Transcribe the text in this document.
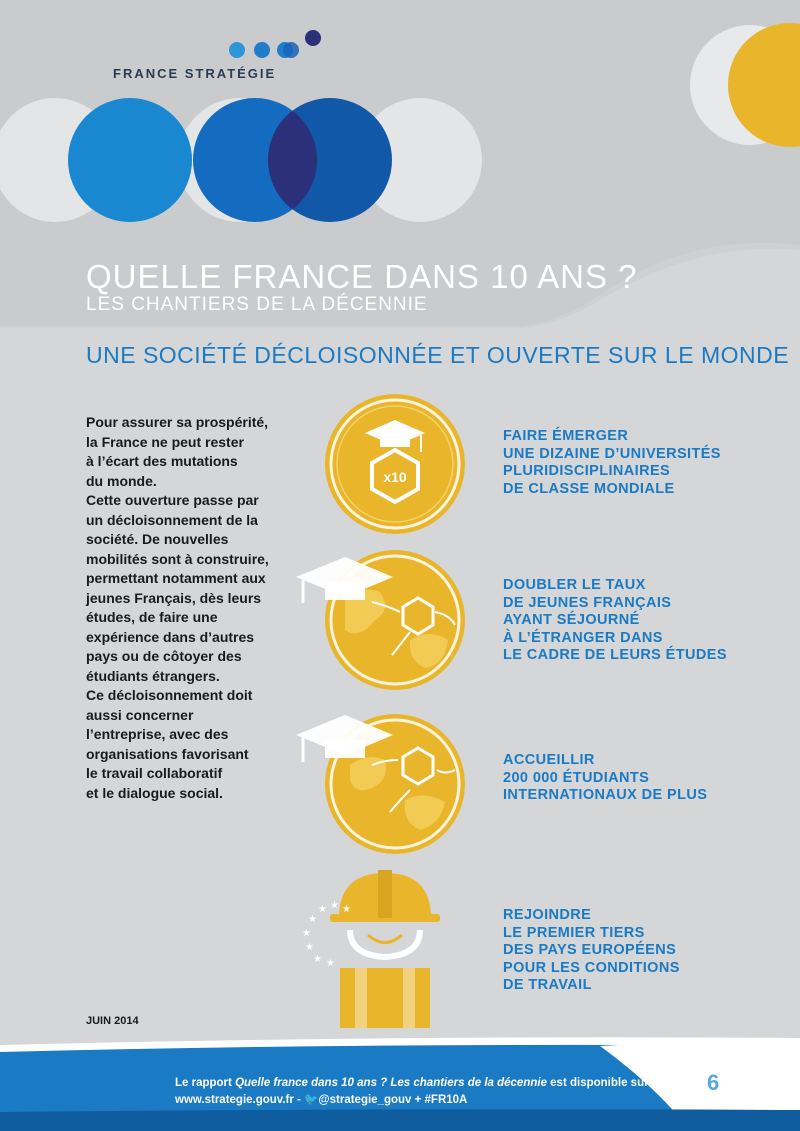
x10
★ ★ ★
★
★
★
★ ★
FRANCE STRATÉGIE
QUELLE FRANCE DANS 10 ANS ?
LES CHANTIERS DE LA DÉCENNIE
UNE SOCIÉTÉ DÉCLOISONNÉE ET OUVERTE SUR LE MONDE

Pour assurer sa prospérité,
la France ne peut rester
à l’écart des mutations
du monde.
Cette ouverture passe par
un décloisonnement de la
société. De nouvelles
mobilités sont à construire,
permettant notamment aux
jeunes Français, dès leurs
études, de faire une
expérience dans d’autres
pays ou de côtoyer des
étudiants étrangers.
Ce décloisonnement doit
aussi concerner
l’entreprise, avec des
organisations favorisant
le travail collaboratif
et le dialogue social.

FAIRE ÉMERGER
UNE DIZAINE D’UNIVERSITÉS
PLURIDISCIPLINAIRES
DE CLASSE MONDIALE

DOUBLER LE TAUX
DE JEUNES FRANÇAIS
AYANT SÉJOURNÉ
À L’ÉTRANGER DANS
LE CADRE DE LEURS ÉTUDES

ACCUEILLIR
200 000 ÉTUDIANTS
INTERNATIONAUX DE PLUS

REJOINDRE
LE PREMIER TIERS
DES PAYS EUROPÉENS
POUR LES CONDITIONS
DE TRAVAIL

JUIN 2014
Le rapport Quelle france dans 10 ans ? Les chantiers de la décennie est disponible sur
www.strategie.gouv.fr - 🐦@strategie_gouv + #FR10A
6
